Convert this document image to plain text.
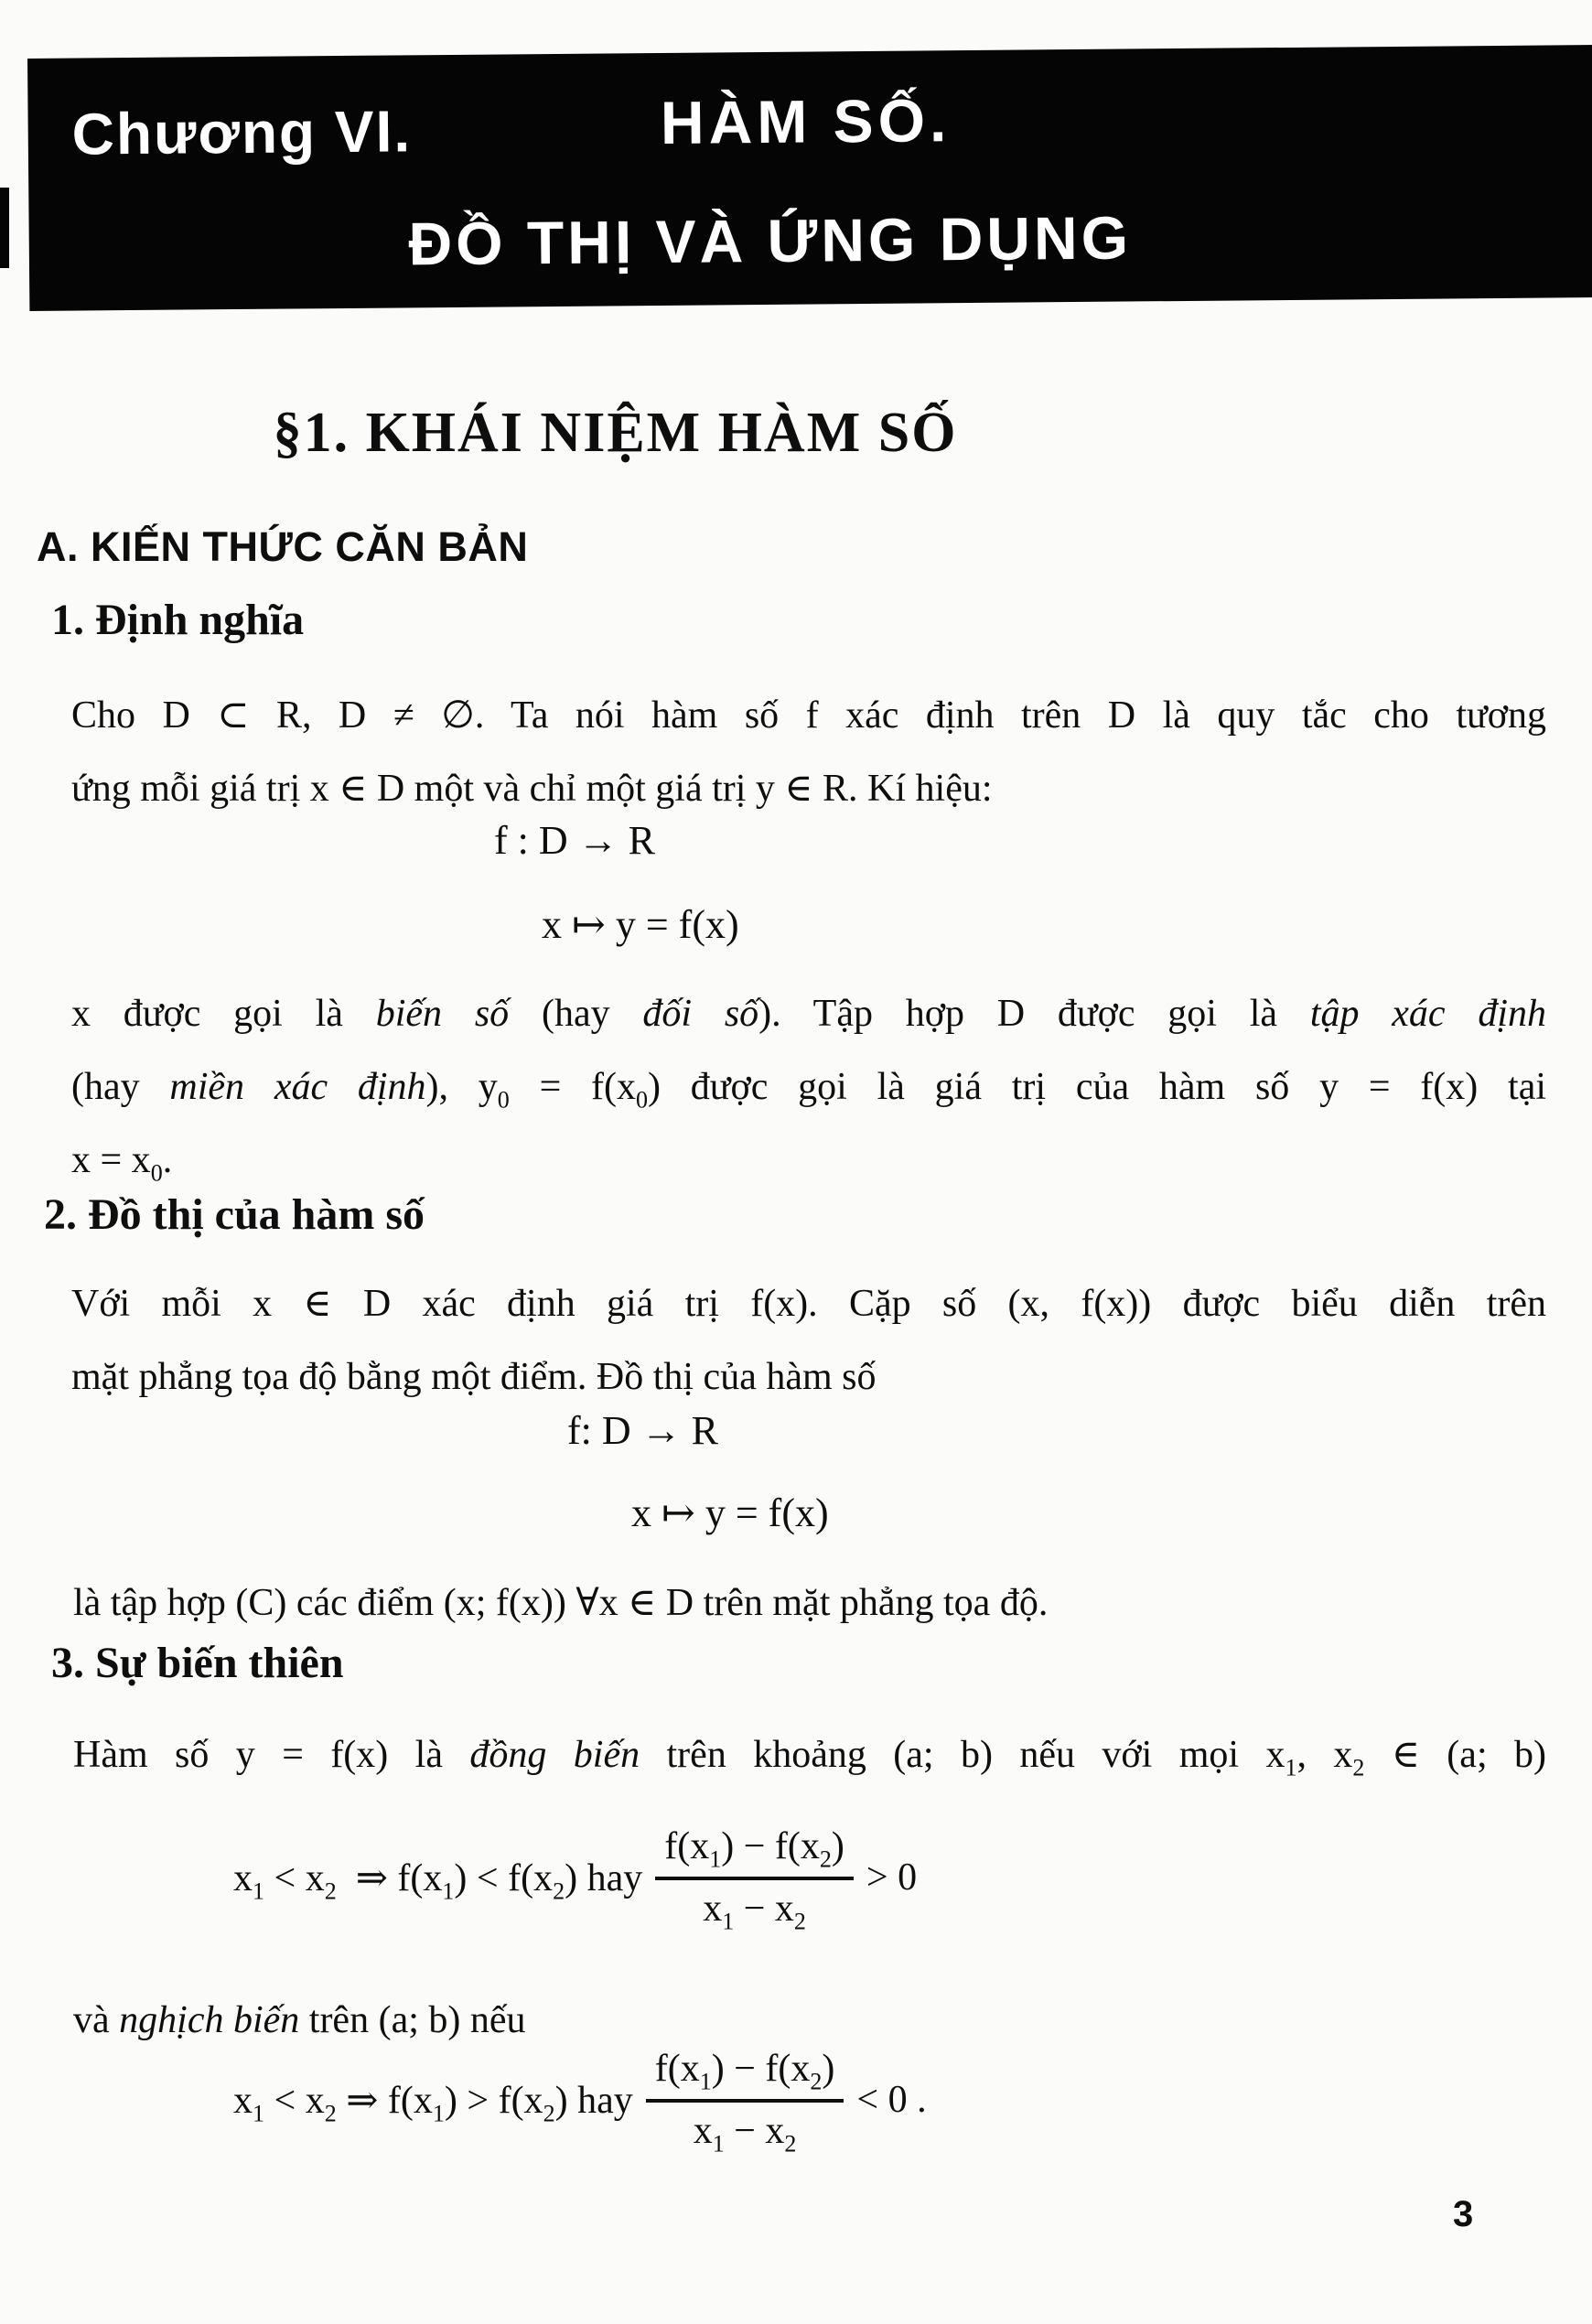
Chương VI.	HÀM SỐ.
ĐỒ THỊ VÀ ỨNG DỤNG
§1. KHÁI NIỆM HÀM SỐ
A. KIẾN THỨC CĂN BẢN
1. Định nghĩa
Cho D ⊂ R, D ≠ ∅. Ta nói hàm số f xác định trên D là quy tắc cho tương
ứng mỗi giá trị x ∈ D một và chỉ một giá trị y ∈ R. Kí hiệu:
f : D → R
x ↦ y = f(x)
x được gọi là biến số (hay đối số). Tập hợp D được gọi là tập xác định
(hay miền xác định), $y_0 = f(x_0)$ được gọi là giá trị của hàm số y = f(x) tại
$x = x_0$.
2. Đồ thị của hàm số
Với mỗi x ∈ D xác định giá trị f(x). Cặp số (x, f(x)) được biểu diễn trên
mặt phẳng tọa độ bằng một điểm. Đồ thị của hàm số
f: D → R
x ↦ y = f(x)
là tập hợp (C) các điểm (x; f(x)) ∀x ∈ D trên mặt phẳng tọa độ.
3. Sự biến thiên
Hàm số y = f(x) là đồng biến trên khoảng (a; b) nếu với mọi $x_1$, $x_2$ ∈ (a; b)
$x_1 < x_2$  ⇒ $f(x_1) < f(x_2)$ hay $\frac{f(x_1) - f(x_2)}{x_1 - x_2} > 0$
và nghịch biến trên (a; b) nếu
$x_1 < x_2$ ⇒ $f(x_1) > f(x_2)$ hay $\frac{f(x_1) - f(x_2)}{x_1 - x_2} < 0$ .
3
